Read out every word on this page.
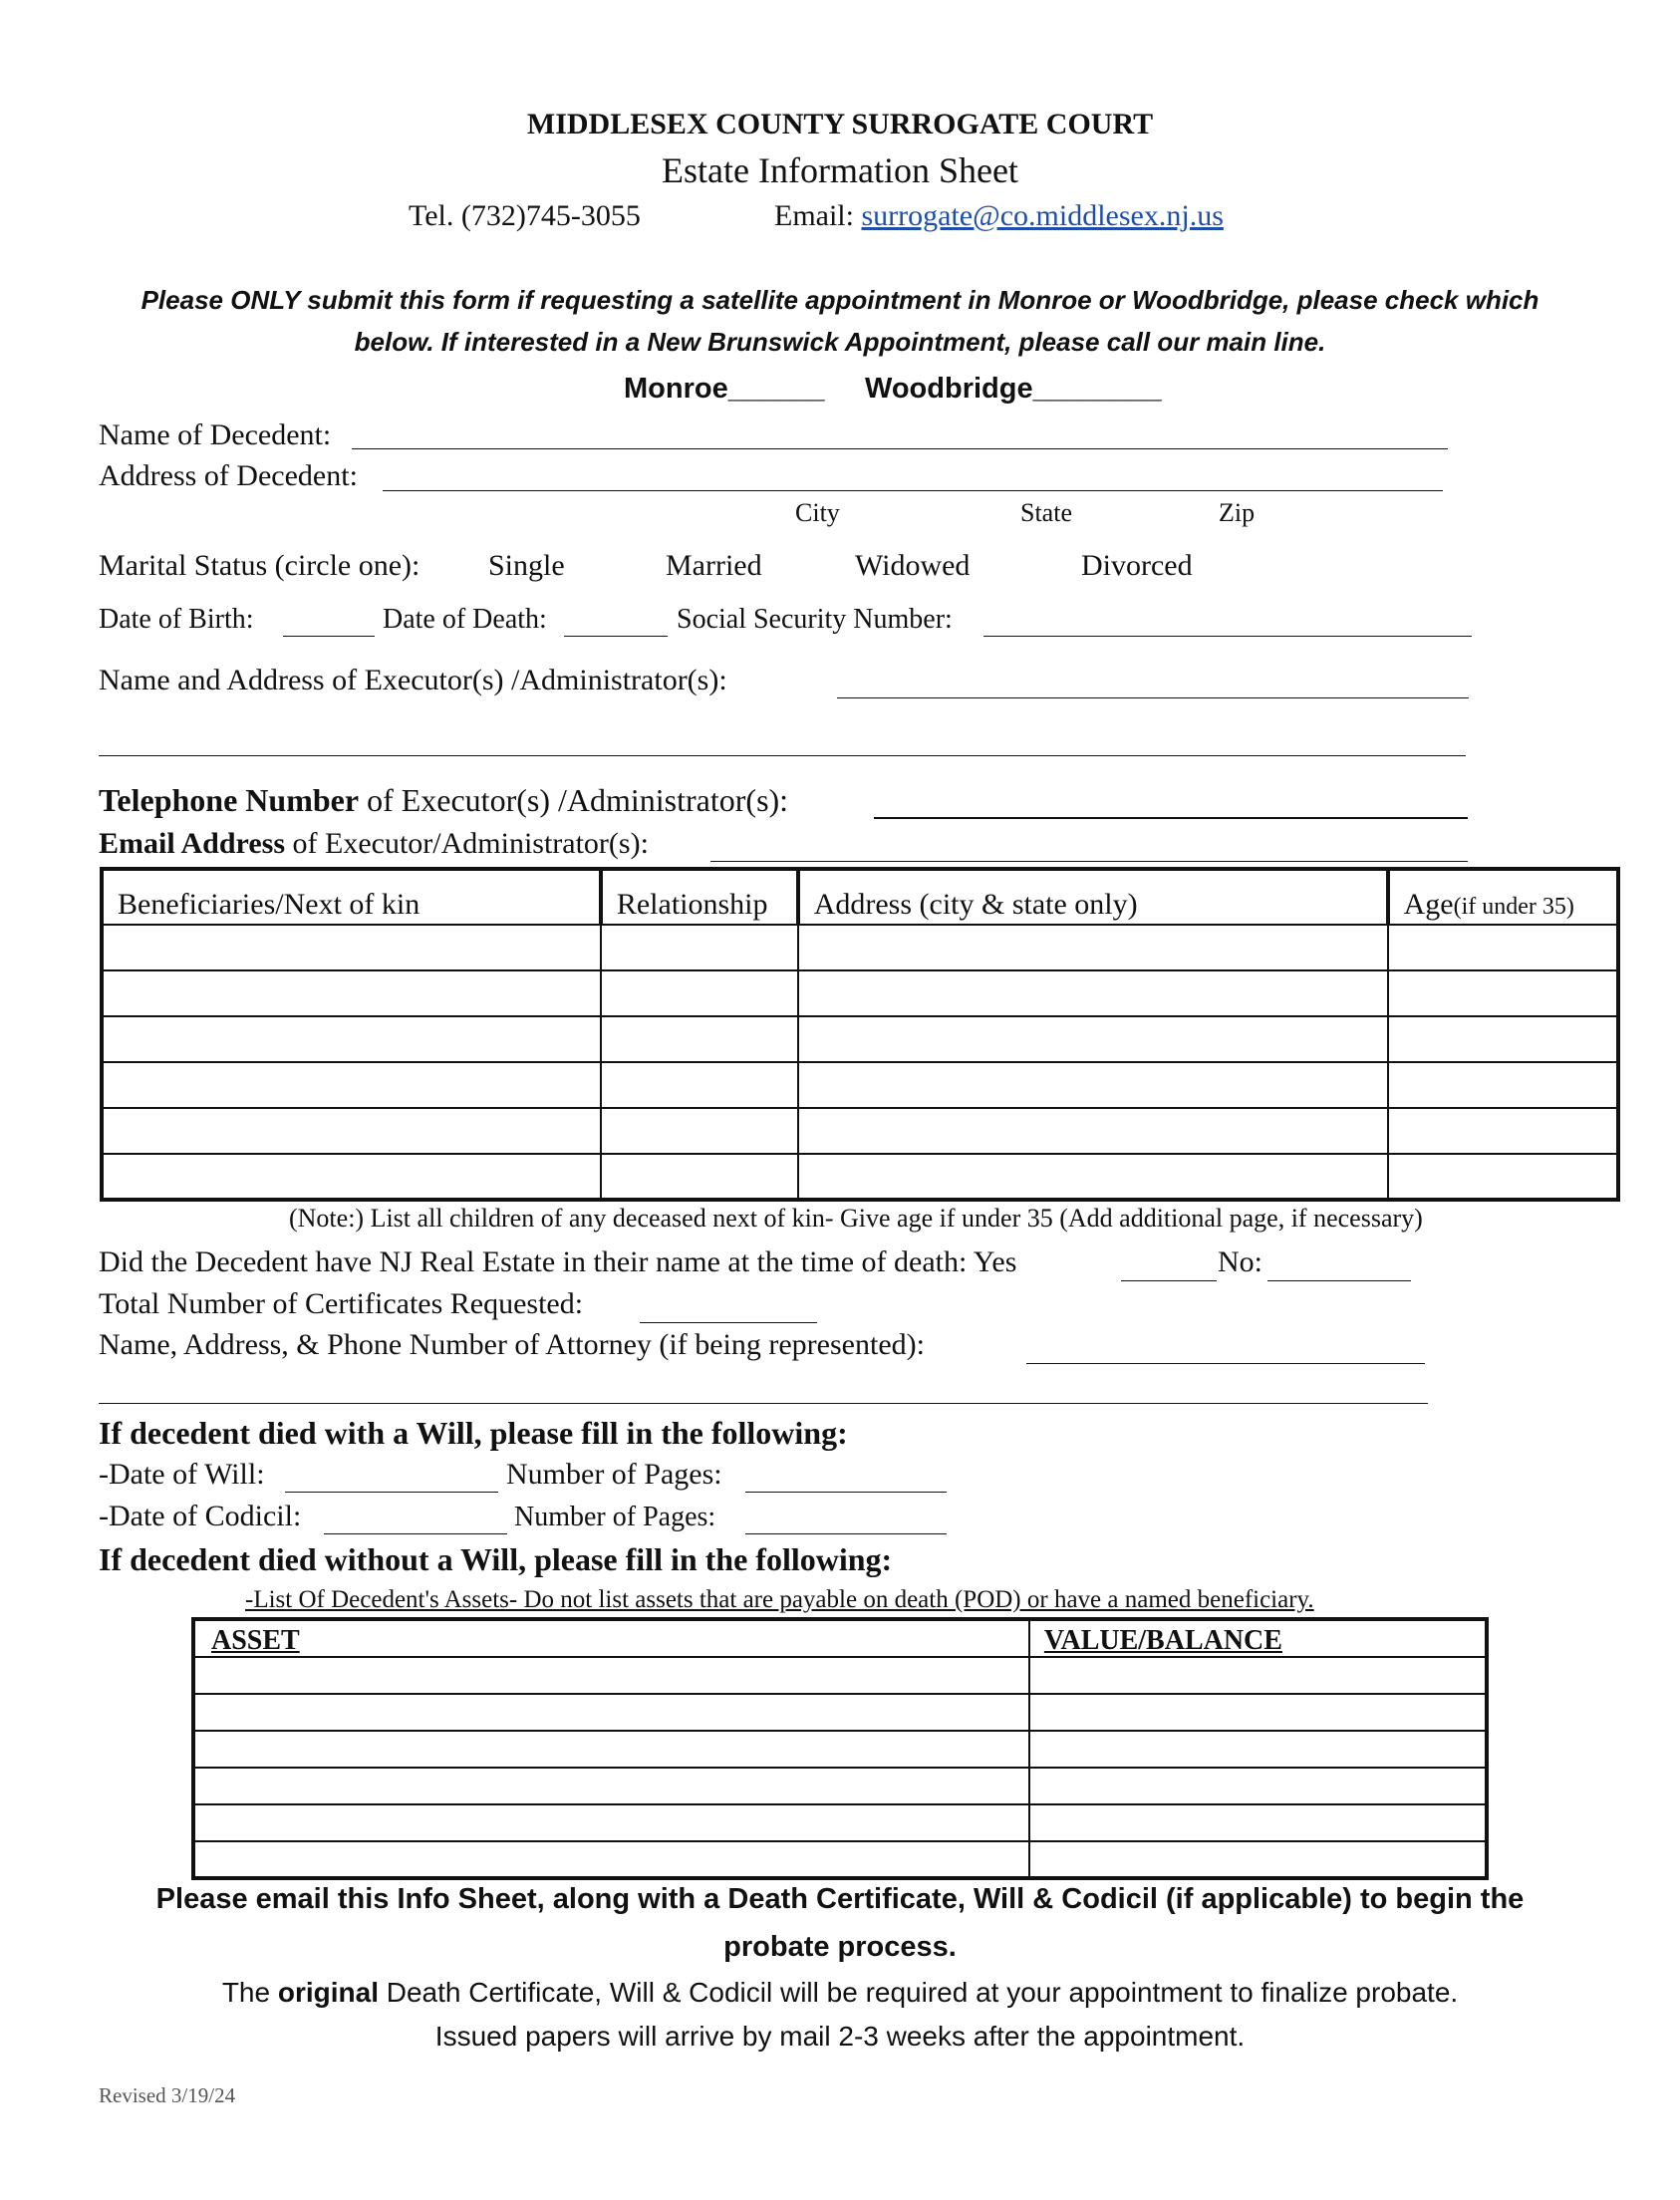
MIDDLESEX COUNTY SURROGATE COURT
Estate Information Sheet
Tel. (732)745-3055	Email: surrogate@co.middlesex.nj.us
Please ONLY submit this form if requesting a satellite appointment in Monroe or Woodbridge, please check which
below. If interested in a New Brunswick Appointment, please call our main line.
Monroe______ Woodbridge________
Name of Decedent:
Address of Decedent:
City	State	Zip
Marital Status (circle one): Single	Married	Widowed	Divorced
Date of Birth:	Date of Death:	Social Security Number:
Name and Address of Executor(s) /Administrator(s):
Telephone Number of Executor(s) /Administrator(s):
Email Address of Executor/Administrator(s):
Beneficiaries/Next of kin	Relationship	Address (city & state only)	Age(if under 35)

(Note:) List all children of any deceased next of kin- Give age if under 35 (Add additional page, if necessary)
Did the Decedent have NJ Real Estate in their name at the time of death: Yes	No:
Total Number of Certificates Requested:
Name, Address, & Phone Number of Attorney (if being represented):
If decedent died with a Will, please fill in the following:
-Date of Will:	Number of Pages:
-Date of Codicil:	Number of Pages:
If decedent died without a Will, please fill in the following:
-List Of Decedent's Assets- Do not list assets that are payable on death (POD) or have a named beneficiary.
ASSET	VALUE/BALANCE

Please email this Info Sheet, along with a Death Certificate, Will & Codicil (if applicable) to begin the
probate process.
The original Death Certificate, Will & Codicil will be required at your appointment to finalize probate.
Issued papers will arrive by mail 2-3 weeks after the appointment.
Revised 3/19/24
